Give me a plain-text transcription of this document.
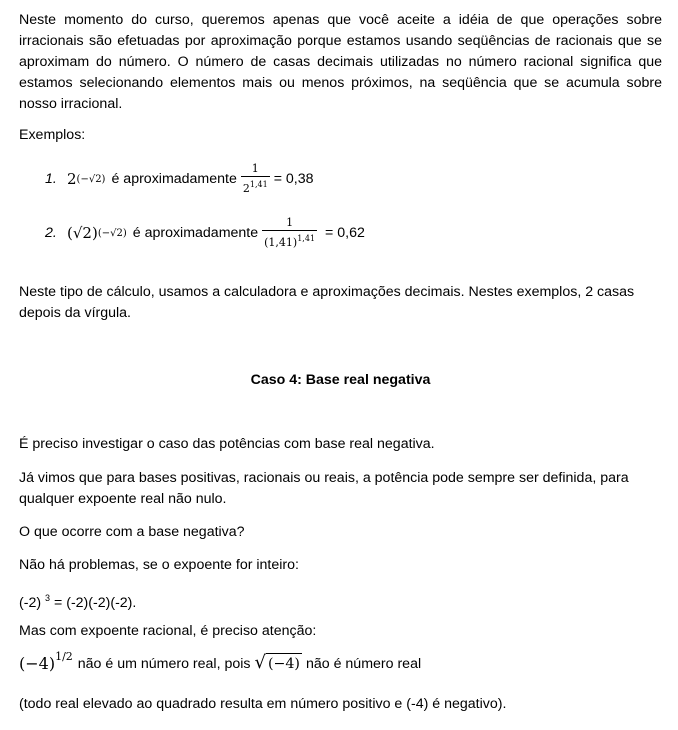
Neste momento do curso, queremos apenas que você aceite a idéia de que operações sobre irracionais são efetuadas por aproximação porque estamos usando seqüências de racionais que se aproximam do número. O número de casas decimais utilizadas no número racional significa que estamos selecionando elementos mais ou menos próximos, na seqüência que se acumula sobre nosso irracional.

Exemplos:

1. 2 (−√2) é aproximadamente $\frac{1}{2^{1,41}} = 0,38$
2. (√2) (−√2) é aproximadamente $\frac{1}{(1,41)^{1,41}} = 0,62$

Neste tipo de cálculo, usamos a calculadora e aproximações decimais. Nestes exemplos, 2 casas depois da vírgula.

Caso 4: Base real negativa

É preciso investigar o caso das potências com base real negativa.

Já vimos que para bases positivas, racionais ou reais, a potência pode sempre ser definida, para qualquer expoente real não nulo.

O que ocorre com a base negativa?

Não há problemas, se o expoente for inteiro:

(-2) $^3$ = (-2)(-2)(-2).

Mas com expoente racional, é preciso atenção:

(−4) 1/2 não é um número real, pois √ (−4) não é número real

(todo real elevado ao quadrado resulta em número positivo e (-4) é negativo).
